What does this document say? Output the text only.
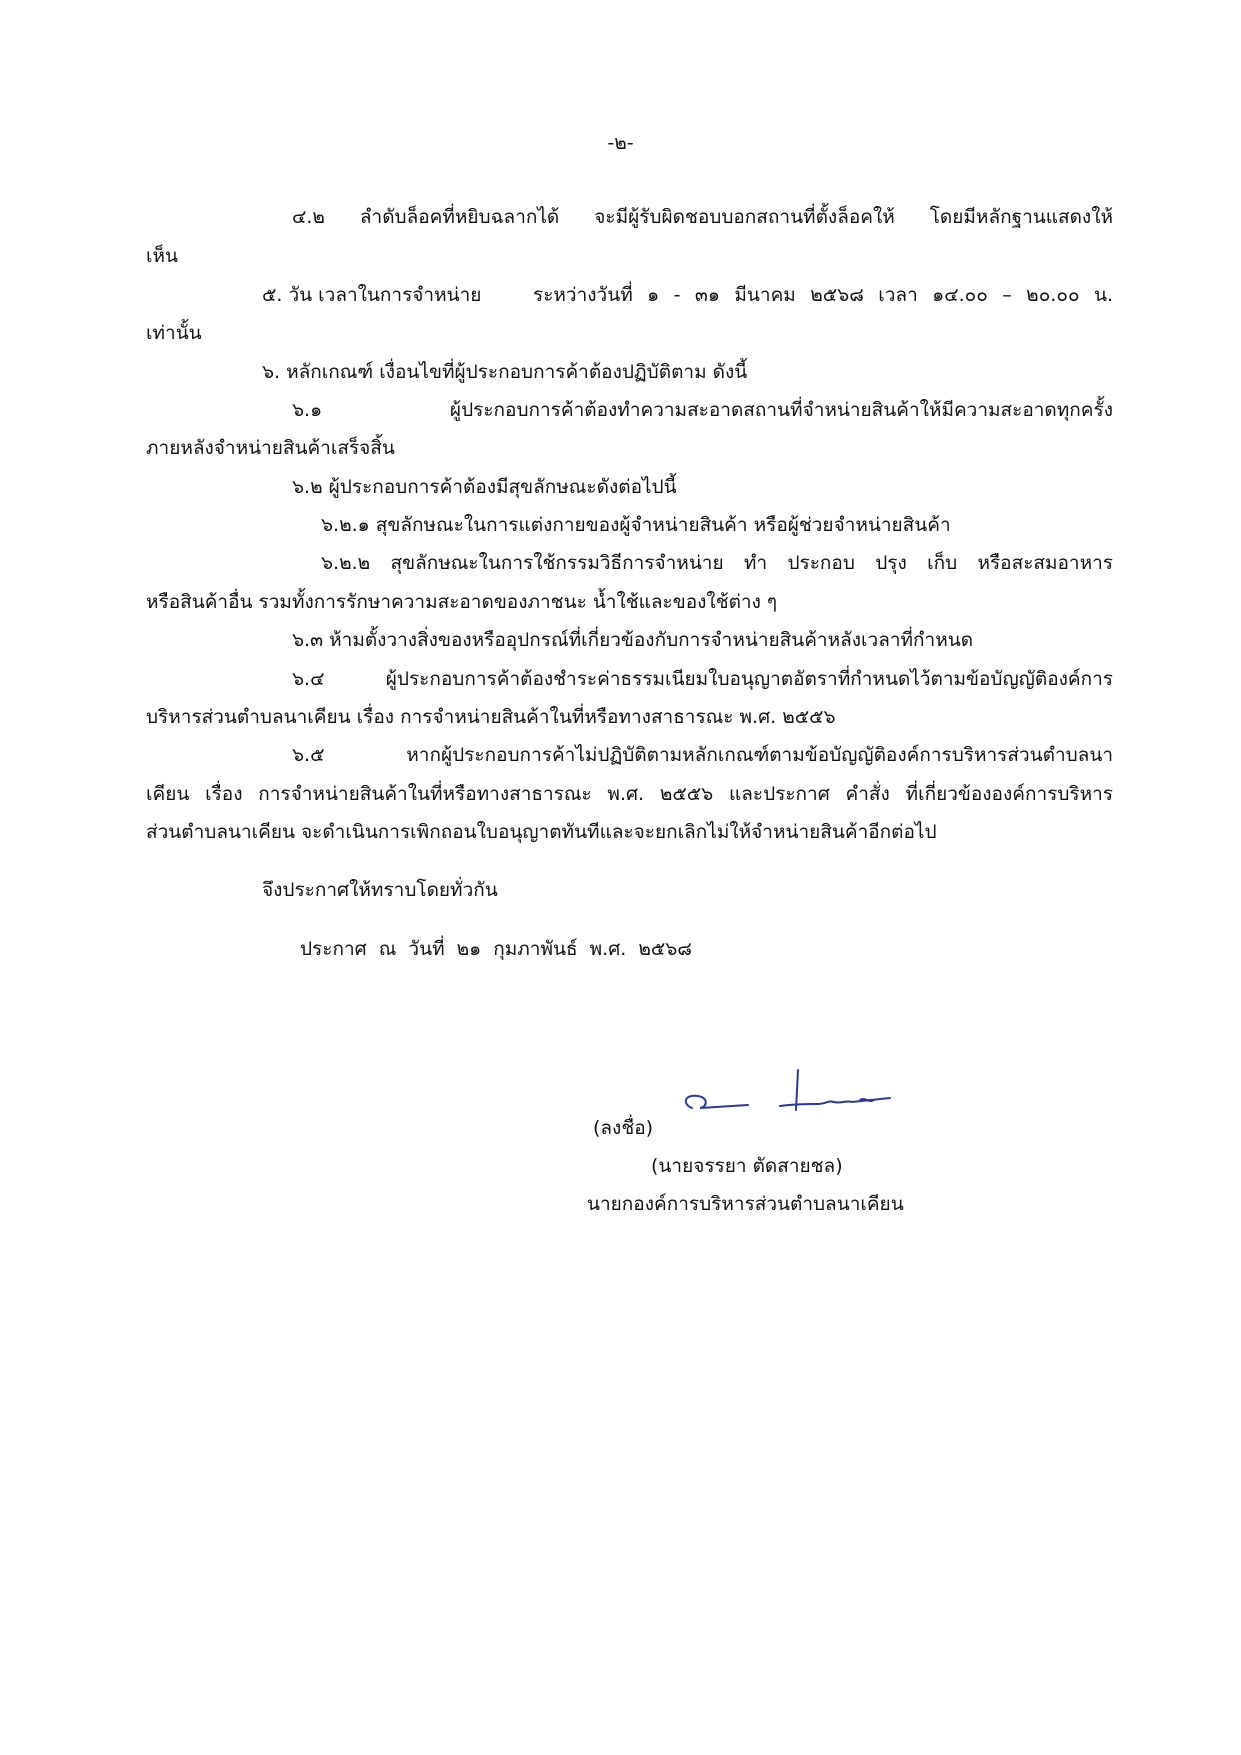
-๒-
๔.๒ ลำดับล็อคที่หยิบฉลากได้ จะมีผู้รับผิดชอบบอกสถานที่ตั้งล็อคให้ โดยมีหลักฐานแสดงให้
เห็น
๕. วัน เวลาในการจำหน่าย	ระหว่างวันที่ ๑ - ๓๑ มีนาคม ๒๕๖๘ เวลา ๑๔.๐๐ – ๒๐.๐๐ น.
เท่านั้น
๖. หลักเกณฑ์ เงื่อนไขที่ผู้ประกอบการค้าต้องปฏิบัติตาม ดังนี้
๖.๑ ผู้ประกอบการค้าต้องทำความสะอาดสถานที่จำหน่ายสินค้าให้มีความสะอาดทุกครั้ง
ภายหลังจำหน่ายสินค้าเสร็จสิ้น
๖.๒ ผู้ประกอบการค้าต้องมีสุขลักษณะดังต่อไปนี้
๖.๒.๑ สุขลักษณะในการแต่งกายของผู้จำหน่ายสินค้า หรือผู้ช่วยจำหน่ายสินค้า
๖.๒.๒ สุขลักษณะในการใช้กรรมวิธีการจำหน่าย ทำ ประกอบ ปรุง เก็บ หรือสะสมอาหาร
หรือสินค้าอื่น รวมทั้งการรักษาความสะอาดของภาชนะ น้ำใช้และของใช้ต่าง ๆ
๖.๓ ห้ามตั้งวางสิ่งของหรืออุปกรณ์ที่เกี่ยวข้องกับการจำหน่ายสินค้าหลังเวลาที่กำหนด
๖.๔ ผู้ประกอบการค้าต้องชำระค่าธรรมเนียมใบอนุญาตอัตราที่กำหนดไว้ตามข้อบัญญัติองค์การ
บริหารส่วนตำบลนาเคียน เรื่อง การจำหน่ายสินค้าในที่หรือทางสาธารณะ พ.ศ. ๒๕๕๖
๖.๕ หากผู้ประกอบการค้าไม่ปฏิบัติตามหลักเกณฑ์ตามข้อบัญญัติองค์การบริหารส่วนตำบลนา
เคียน เรื่อง การจำหน่ายสินค้าในที่หรือทางสาธารณะ พ.ศ. ๒๕๕๖ และประกาศ คำสั่ง ที่เกี่ยวข้ององค์การบริหาร
ส่วนตำบลนาเคียน จะดำเนินการเพิกถอนใบอนุญาตทันทีและจะยกเลิกไม่ให้จำหน่ายสินค้าอีกต่อไป
จึงประกาศให้ทราบโดยทั่วกัน
ประกาศ ณ วันที่ ๒๑ กุมภาพันธ์ พ.ศ. ๒๕๖๘
(ลงชื่อ)
(นายจรรยา ตัดสายชล)
นายกองค์การบริหารส่วนตำบลนาเคียน
